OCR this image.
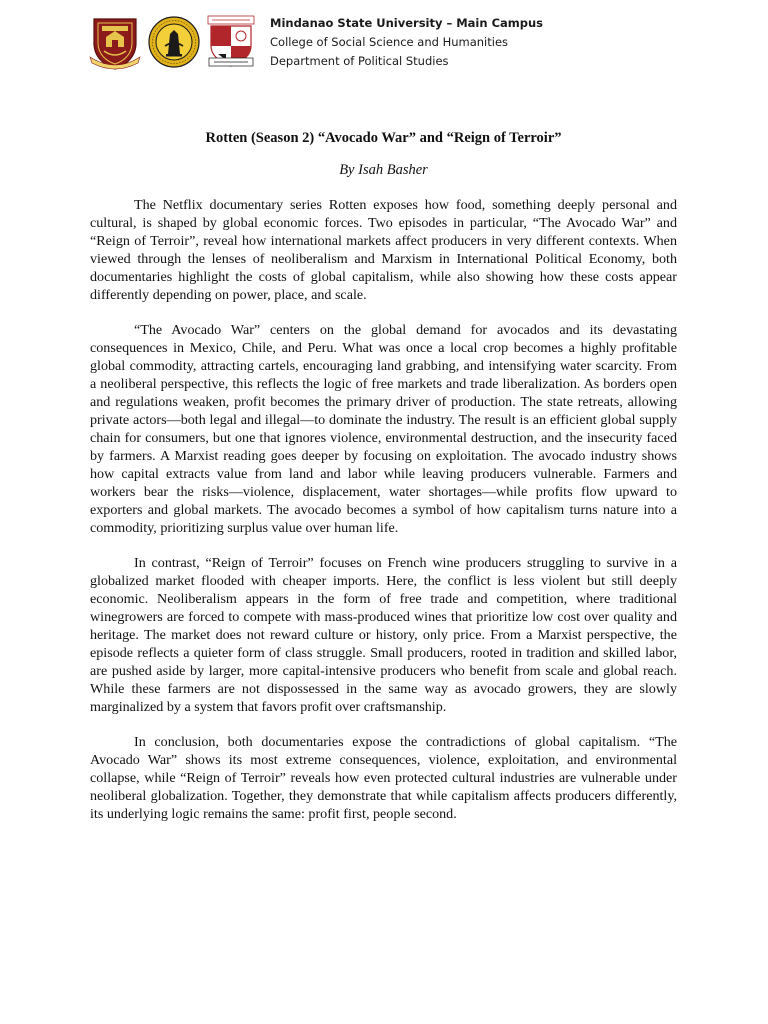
Mindanao State University – Main Campus
College of Social Science and Humanities
Department of Political Studies
Rotten (Season 2) “Avocado War” and “Reign of Terroir”

By Isah Basher

The Netflix documentary series Rotten exposes how food, something deeply personal and cultural, is shaped by global economic forces. Two episodes in particular, “The Avocado War” and “Reign of Terroir”, reveal how international markets affect producers in very different contexts. When viewed through the lenses of neoliberalism and Marxism in International Political Economy, both documentaries highlight the costs of global capitalism, while also showing how these costs appear differently depending on power, place, and scale.

“The Avocado War” centers on the global demand for avocados and its devastating consequences in Mexico, Chile, and Peru. What was once a local crop becomes a highly profitable global commodity, attracting cartels, encouraging land grabbing, and intensifying water scarcity. From a neoliberal perspective, this reflects the logic of free markets and trade liberalization. As borders open and regulations weaken, profit becomes the primary driver of production. The state retreats, allowing private actors—both legal and illegal—to dominate the industry. The result is an efficient global supply chain for consumers, but one that ignores violence, environmental destruction, and the insecurity faced by farmers. A Marxist reading goes deeper by focusing on exploitation. The avocado industry shows how capital extracts value from land and labor while leaving producers vulnerable. Farmers and workers bear the risks—violence, displacement, water shortages—while profits flow upward to exporters and global markets. The avocado becomes a symbol of how capitalism turns nature into a commodity, prioritizing surplus value over human life.

In contrast, “Reign of Terroir” focuses on French wine producers struggling to survive in a globalized market flooded with cheaper imports. Here, the conflict is less violent but still deeply economic. Neoliberalism appears in the form of free trade and competition, where traditional winegrowers are forced to compete with mass-produced wines that prioritize low cost over quality and heritage. The market does not reward culture or history, only price. From a Marxist perspective, the episode reflects a quieter form of class struggle. Small producers, rooted in tradition and skilled labor, are pushed aside by larger, more capital-intensive producers who benefit from scale and global reach. While these farmers are not dispossessed in the same way as avocado growers, they are slowly marginalized by a system that favors profit over craftsmanship.

In conclusion, both documentaries expose the contradictions of global capitalism. “The Avocado War” shows its most extreme consequences, violence, exploitation, and environmental collapse, while “Reign of Terroir” reveals how even protected cultural industries are vulnerable under neoliberal globalization. Together, they demonstrate that while capitalism affects producers differently, its underlying logic remains the same: profit first, people second.
